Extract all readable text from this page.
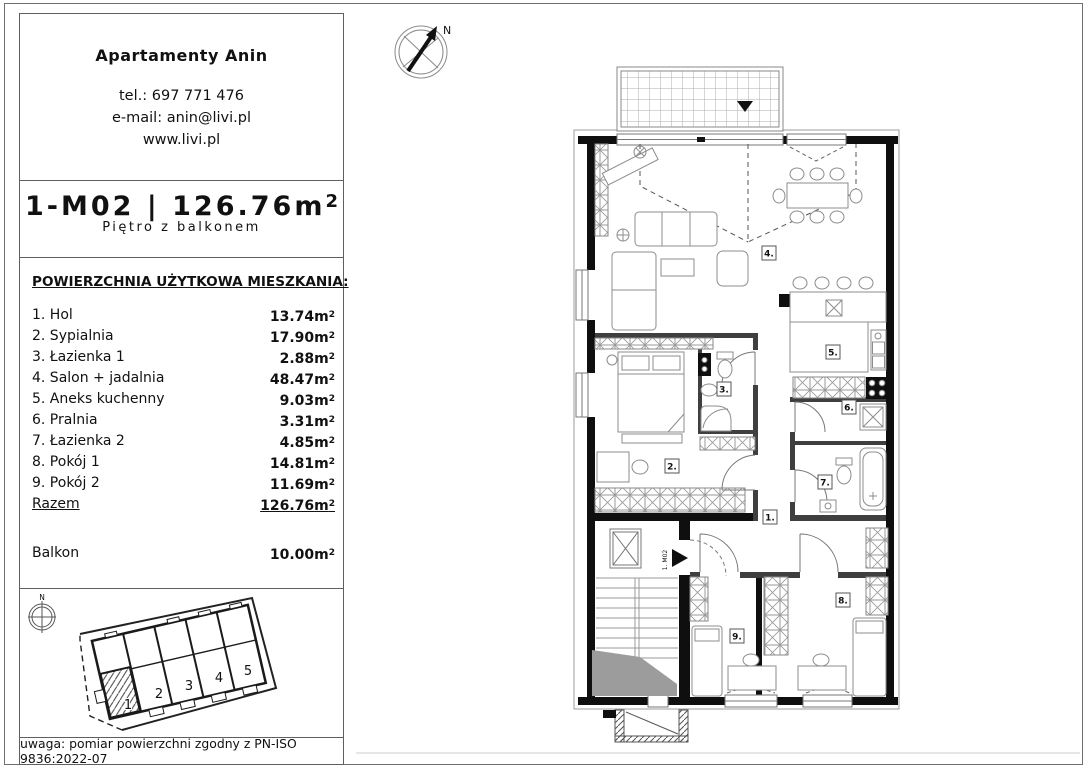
Apartamenty Anin
tel.: 697 771 476
e-mail: anin@livi.pl
www.livi.pl
1-M02 | $126.76m^2$
Piętro z balkonem
POWIERZCHNIA UŻYTKOWA MIESZKANIA:
1. Hol	$13.74m^2$
2. Sypialnia	$17.90m^2$
3. Łazienka 1	$2.88m^2$
4. Salon + jadalnia	$48.47m^2$
5. Aneks kuchenny	$9.03m^2$
6. Pralnia	$3.31m^2$
7. Łazienka 2	$4.85m^2$
8. Pokój 1	$14.81m^2$
9. Pokój 2	$11.69m^2$
Razem	$126.76m^2$
Balkon	$10.00m^2$
N
1
2
3
4 5
uwaga: pomiar powierzchni zgodny z PN-ISO 9836:2022-07
N
1. M02
1.
2.
3.
4.
5.
6.
7.
8.
9.
